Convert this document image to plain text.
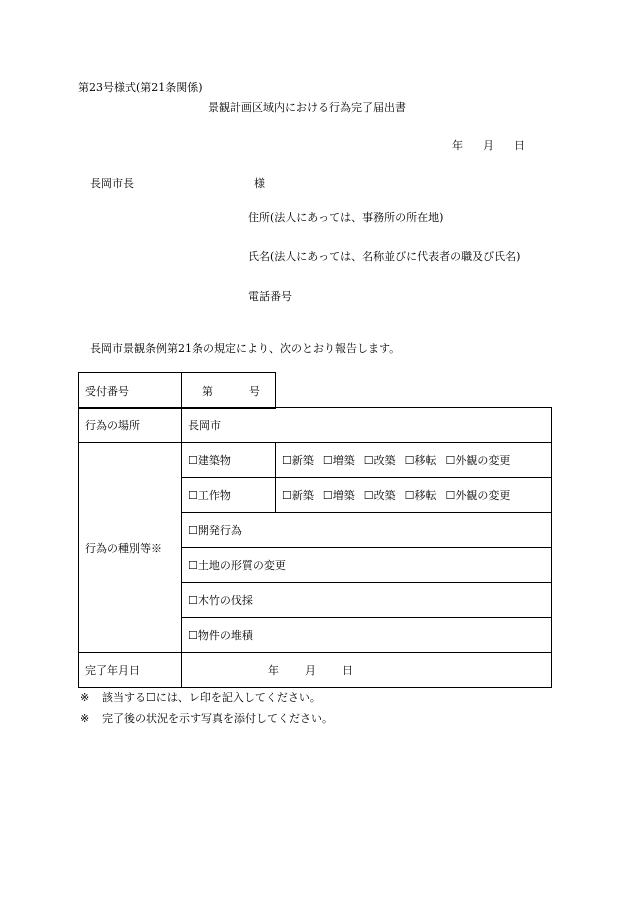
第23号様式(第21条関係)
景観計画区域内における行為完了届出書
年 月 日
長岡市長	様
住所(法人にあっては、事務所の所在地)
氏名(法人にあっては、名称並びに代表者の職及び氏名)
電話番号
長岡市景観条例第21条の規定により、次のとおり報告します。
受付番号	第	号
行為の場所	長岡市	
行為の種別等※	☐建築物	☐新築 ☐増築 ☐改築 ☐移転 ☐外観の変更
	☐工作物	☐新築 ☐増築 ☐改築 ☐移転 ☐外観の変更
	☐開発行為	
	☐土地の形質の変更	
	☐木竹の伐採	
	☐物件の堆積	
完了年月日	年 月 日	
※ 該当する☐には、レ印を記入してください。
※ 完了後の状況を示す写真を添付してください。
